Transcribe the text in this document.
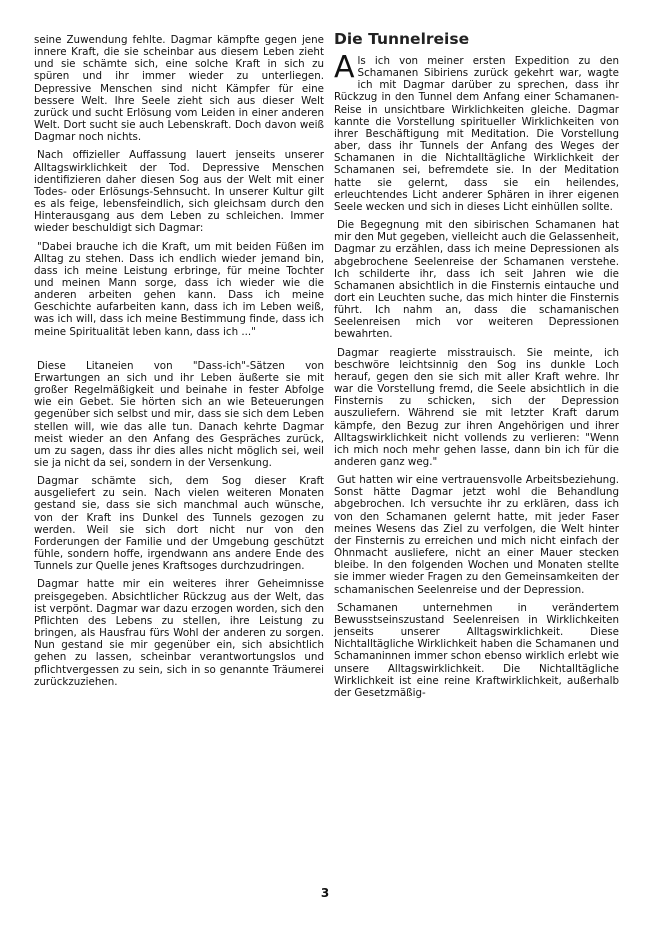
seine Zuwendung fehlte. Dagmar kämpfte gegen jene innere Kraft, die sie scheinbar aus diesem Leben zieht und sie schämte sich, eine solche Kraft in sich zu spüren und ihr immer wieder zu unterliegen. Depressive Menschen sind nicht Kämpfer für eine bessere Welt. Ihre Seele zieht sich aus dieser Welt zurück und sucht Erlösung vom Leiden in einer anderen Welt. Dort sucht sie auch Lebenskraft. Doch davon weiß Dagmar noch nichts.

Nach offizieller Auffassung lauert jenseits unserer Alltagswirklichkeit der Tod. Depressive Menschen identifizieren daher diesen Sog aus der Welt mit einer Todes- oder Erlösungs-Sehnsucht. In unserer Kultur gilt es als feige, lebensfeindlich, sich gleichsam durch den Hinterausgang aus dem Leben zu schleichen. Immer wieder beschuldigt sich Dagmar:

"Dabei brauche ich die Kraft, um mit beiden Füßen im Alltag zu stehen. Dass ich endlich wieder jemand bin, dass ich meine Leistung erbringe, für meine Tochter und meinen Mann sorge, dass ich wieder wie die anderen arbeiten gehen kann. Dass ich meine Geschichte aufarbeiten kann, dass ich im Leben weiß, was ich will, dass ich meine Bestimmung finde, dass ich meine Spiritualität leben kann, dass ich ..."

Diese Litaneien von "Dass-ich"-Sätzen von Erwartungen an sich und ihr Leben äußerte sie mit großer Regelmäßigkeit und beinahe in fester Abfolge wie ein Gebet. Sie hörten sich an wie Beteuerungen gegenüber sich selbst und mir, dass sie sich dem Leben stellen will, wie das alle tun. Danach kehrte Dagmar meist wieder an den Anfang des Gespräches zurück, um zu sagen, dass ihr dies alles nicht möglich sei, weil sie ja nicht da sei, sondern in der Versenkung.

Dagmar schämte sich, dem Sog dieser Kraft ausgeliefert zu sein. Nach vielen weiteren Monaten gestand sie, dass sie sich manchmal auch wünsche, von der Kraft ins Dunkel des Tunnels gezogen zu werden. Weil sie sich dort nicht nur von den Forderungen der Familie und der Umgebung geschützt fühle, sondern hoffe, irgendwann ans andere Ende des Tunnels zur Quelle jenes Kraftsoges durchzudringen.

Dagmar hatte mir ein weiteres ihrer Geheimnisse preisgegeben. Absichtlicher Rückzug aus der Welt, das ist verpönt. Dagmar war dazu erzogen worden, sich den Pflichten des Lebens zu stellen, ihre Leistung zu bringen, als Hausfrau fürs Wohl der anderen zu sorgen. Nun gestand sie mir gegenüber ein, sich absichtlich gehen zu lassen, scheinbar verantwortungslos und pflichtvergessen zu sein, sich in so genannte Träumerei zurückzuziehen.

Die Tunnelreise

Als ich von meiner ersten Expedition zu den Schamanen Sibiriens zurück gekehrt war, wagte ich mit Dagmar darüber zu sprechen, dass ihr Rückzug in den Tunnel dem Anfang einer Schamanen-Reise in unsichtbare Wirklichkeiten gleiche. Dagmar kannte die Vorstellung spiritueller Wirklichkeiten von ihrer Beschäftigung mit Meditation. Die Vorstellung aber, dass ihr Tunnels der Anfang des Weges der Schamanen in die Nichtalltägliche Wirklichkeit der Schamanen sei, befremdete sie. In der Meditation hatte sie gelernt, dass sie ein heilendes, erleuchtendes Licht anderer Sphären in ihrer eigenen Seele wecken und sich in dieses Licht einhüllen sollte.

Die Begegnung mit den sibirischen Schamanen hat mir den Mut gegeben, vielleicht auch die Gelassenheit, Dagmar zu erzählen, dass ich meine Depressionen als abgebrochene Seelenreise der Schamanen verstehe. Ich schilderte ihr, dass ich seit Jahren wie die Schamanen absichtlich in die Finsternis eintauche und dort ein Leuchten suche, das mich hinter die Finsternis führt. Ich nahm an, dass die schamanischen Seelenreisen mich vor weiteren Depressionen bewahrten.

Dagmar reagierte misstrauisch. Sie meinte, ich beschwöre leichtsinnig den Sog ins dunkle Loch herauf, gegen den sie sich mit aller Kraft wehre. Ihr war die Vorstellung fremd, die Seele absichtlich in die Finsternis zu schicken, sich der Depression auszuliefern. Während sie mit letzter Kraft darum kämpfe, den Bezug zur ihren Angehörigen und ihrer Alltagswirklichkeit nicht vollends zu verlieren: "Wenn ich mich noch mehr gehen lasse, dann bin ich für die anderen ganz weg."

Gut hatten wir eine vertrauensvolle Arbeitsbeziehung. Sonst hätte Dagmar jetzt wohl die Behandlung abgebrochen. Ich versuchte ihr zu erklären, dass ich von den Schamanen gelernt hatte, mit jeder Faser meines Wesens das Ziel zu verfolgen, die Welt hinter der Finsternis zu erreichen und mich nicht einfach der Ohnmacht ausliefere, nicht an einer Mauer stecken bleibe. In den folgenden Wochen und Monaten stellte sie immer wieder Fragen zu den Gemeinsamkeiten der schamanischen Seelenreise und der Depression.

Schamanen unternehmen in verändertem Bewusstseinszustand Seelenreisen in Wirklichkeiten jenseits unserer Alltagswirklichkeit. Diese Nichtalltägliche Wirklichkeit haben die Schamanen und Schamaninnen immer schon ebenso wirklich erlebt wie unsere Alltagswirklichkeit. Die Nichtalltägliche Wirklichkeit ist eine reine Kraftwirklichkeit, außerhalb der Gesetzmäßig-

3
